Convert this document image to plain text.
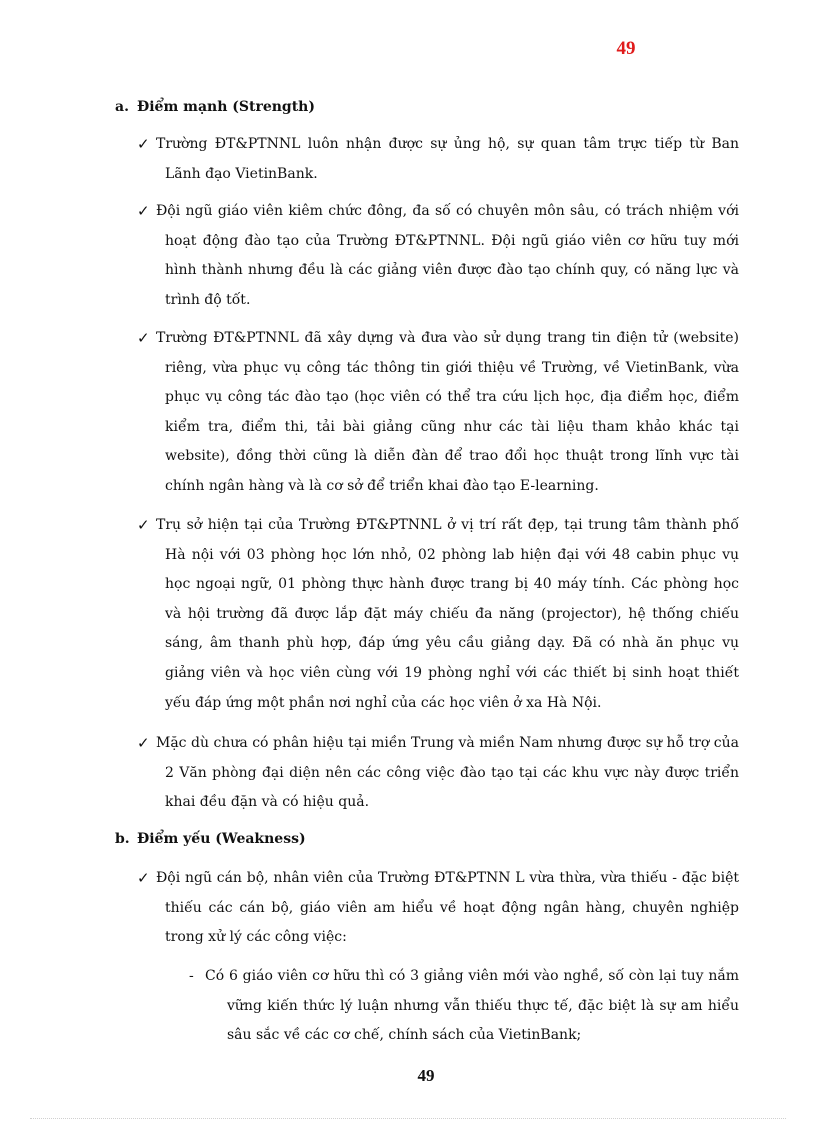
49
a. Điểm mạnh (Strength)
✓ Trường ĐT&PTNNL luôn nhận được sự ủng hộ, sự quan tâm trực tiếp từ Ban Lãnh đạo VietinBank.
✓ Đội ngũ giáo viên kiêm chức đông, đa số có chuyên môn sâu, có trách nhiệm với hoạt động đào tạo của Trường ĐT&PTNNL. Đội ngũ giáo viên cơ hữu tuy mới hình thành nhưng đều là các giảng viên được đào tạo chính quy, có năng lực và trình độ tốt.
✓ Trường ĐT&PTNNL đã xây dựng và đưa vào sử dụng trang tin điện tử (website) riêng, vừa phục vụ công tác thông tin giới thiệu về Trường, về VietinBank, vừa phục vụ công tác đào tạo (học viên có thể tra cứu lịch học, địa điểm học, điểm kiểm tra, điểm thi, tải bài giảng cũng như các tài liệu tham khảo khác tại website), đồng thời cũng là diễn đàn để trao đổi học thuật trong lĩnh vực tài chính ngân hàng và là cơ sở để triển khai đào tạo E-learning.
✓ Trụ sở hiện tại của Trường ĐT&PTNNL ở vị trí rất đẹp, tại trung tâm thành phố Hà nội với 03 phòng học lớn nhỏ, 02 phòng lab hiện đại với 48 cabin phục vụ học ngoại ngữ, 01 phòng thực hành được trang bị 40 máy tính. Các phòng học và hội trường đã được lắp đặt máy chiếu đa năng (projector), hệ thống chiếu sáng, âm thanh phù hợp, đáp ứng yêu cầu giảng dạy. Đã có nhà ăn phục vụ giảng viên và học viên cùng với 19 phòng nghỉ với các thiết bị sinh hoạt thiết yếu đáp ứng một phần nơi nghỉ của các học viên ở xa Hà Nội.
✓ Mặc dù chưa có phân hiệu tại miền Trung và miền Nam nhưng được sự hỗ trợ của 2 Văn phòng đại diện nên các công việc đào tạo tại các khu vực này được triển khai đều đặn và có hiệu quả.
b. Điểm yếu (Weakness)
✓ Đội ngũ cán bộ, nhân viên của Trường ĐT&PTNN L vừa thừa, vừa thiếu - đặc biệt thiếu các cán bộ, giáo viên am hiểu về hoạt động ngân hàng, chuyên nghiệp trong xử lý các công việc:
- Có 6 giáo viên cơ hữu thì có 3 giảng viên mới vào nghề, số còn lại tuy nắm vững kiến thức lý luận nhưng vẫn thiếu thực tế, đặc biệt là sự am hiểu sâu sắc về các cơ chế, chính sách của VietinBank;
49
